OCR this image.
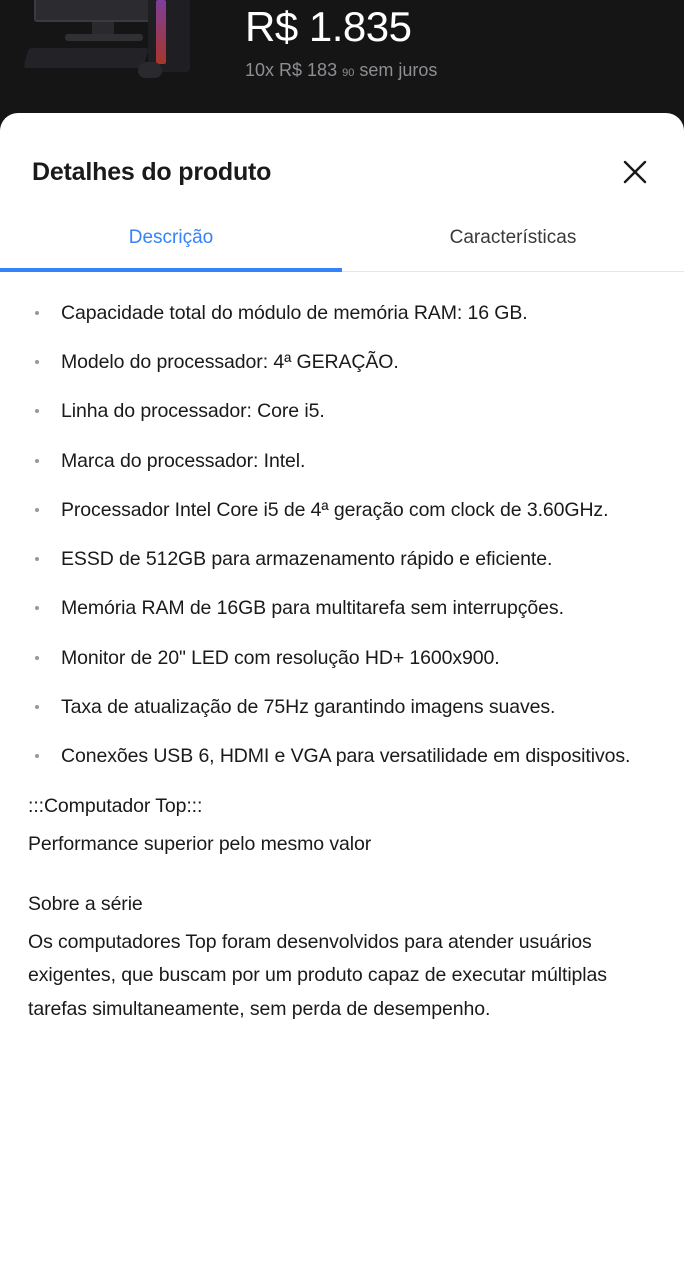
R$ 1.835
10x R$ 183 90 sem juros
Detalhes do produto
Descrição	Características
Capacidade total do módulo de memória RAM: 16 GB.
Modelo do processador: 4ª GERAÇÃO.
Linha do processador: Core i5.
Marca do processador: Intel.
Processador Intel Core i5 de 4ª geração com clock de 3.60GHz.
ESSD de 512GB para armazenamento rápido e eficiente.
Memória RAM de 16GB para multitarefa sem interrupções.
Monitor de 20" LED com resolução HD+ 1600x900.
Taxa de atualização de 75Hz garantindo imagens suaves.
Conexões USB 6, HDMI e VGA para versatilidade em dispositivos.
:::Computador Top:::
Performance superior pelo mesmo valor
Sobre a série
Os computadores Top foram desenvolvidos para atender usuários exigentes, que buscam por um produto capaz de executar múltiplas tarefas simultaneamente, sem perda de desempenho.
